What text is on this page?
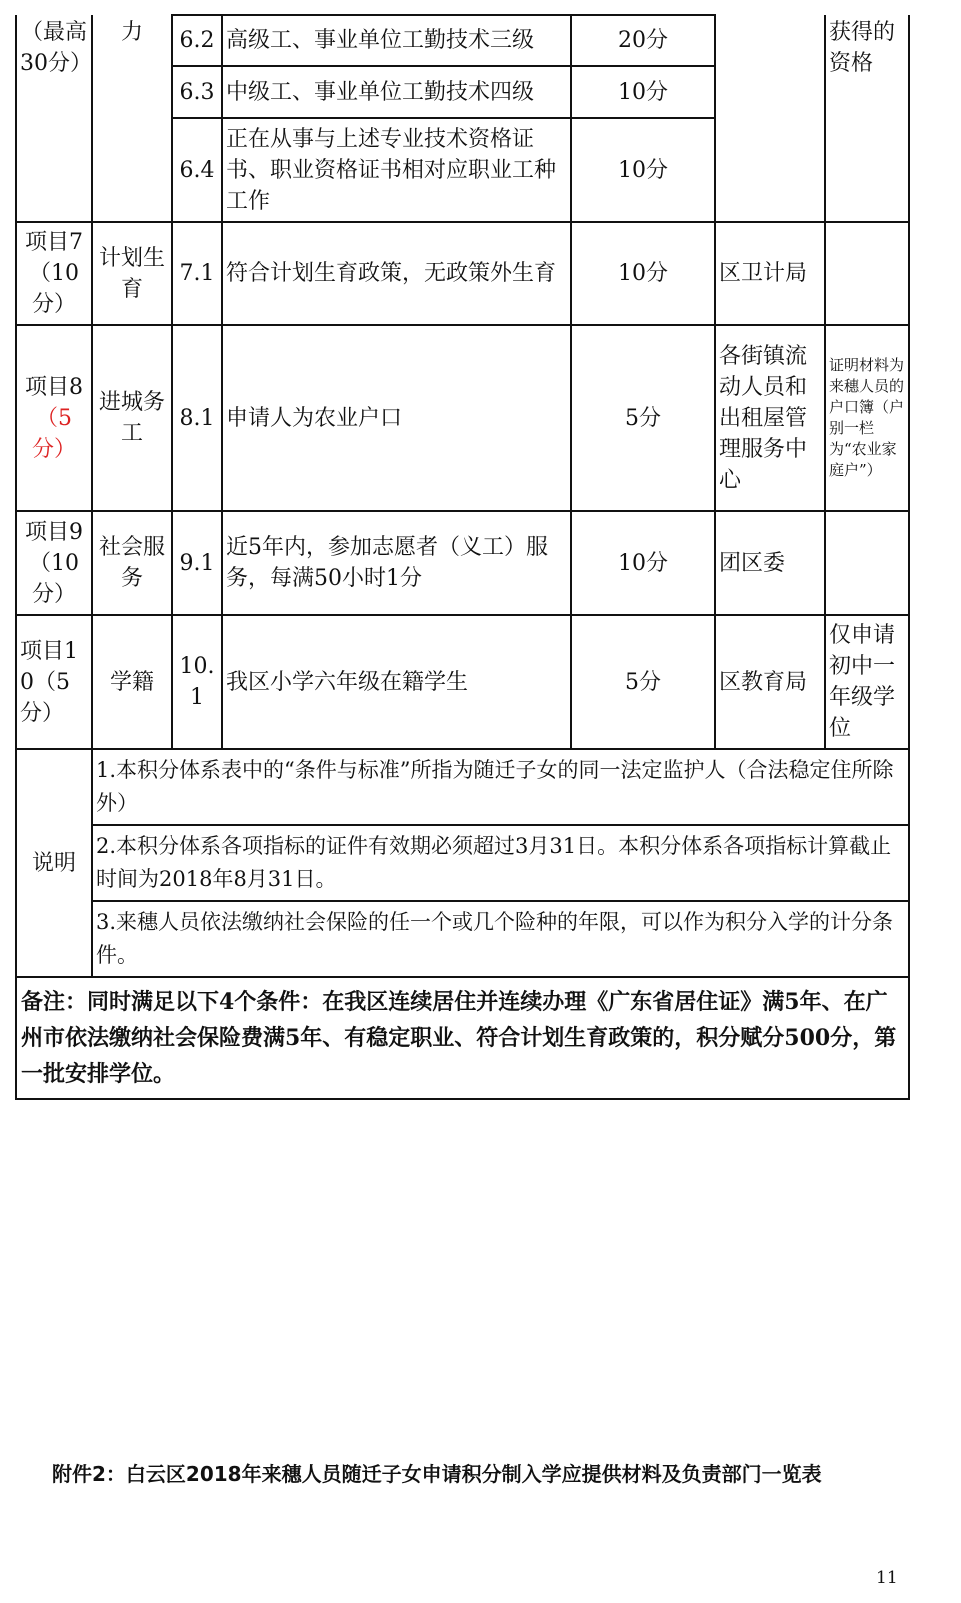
（最高30分）	力	6.2	高级工、事业单位工勤技术三级	20分		获得的资格
		6.3	中级工、事业单位工勤技术四级	10分		
		6.4	正在从事与上述专业技术资格证书、职业资格证书相对应职业工种工作	10分		
项目7（10分）	计划生育	7.1	符合计划生育政策，无政策外生育	10分	区卫计局	
项目8（5分）	进城务工	8.1	申请人为农业户口	5分	各街镇流动人员和出租屋管理服务中心	证明材料为来穗人员的户口簿（户别一栏为“农业家庭户”）
项目9（10分）	社会服务	9.1	近5年内，参加志愿者（义工）服务，每满50小时1分	10分	团区委	
项目10（5分）	学籍	10.1	我区小学六年级在籍学生	5分	区教育局	仅申请初中一年级学位
说明	1.本积分体系表中的“条件与标准”所指为随迁子女的同一法定监护人（合法稳定住所除外）					
	2.本积分体系各项指标的证件有效期必须超过3月31日。本积分体系各项指标计算截止时间为2018年8月31日。					
	3.来穗人员依法缴纳社会保险的任一个或几个险种的年限，可以作为积分入学的计分条件。					
备注：同时满足以下4个条件：在我区连续居住并连续办理《广东省居住证》满5年、在广州市依法缴纳社会保险费满5年、有稳定职业、符合计划生育政策的，积分赋分500分，第一批安排学位。						
附件2：白云区2018年来穗人员随迁子女申请积分制入学应提供材料及负责部门一览表
11
